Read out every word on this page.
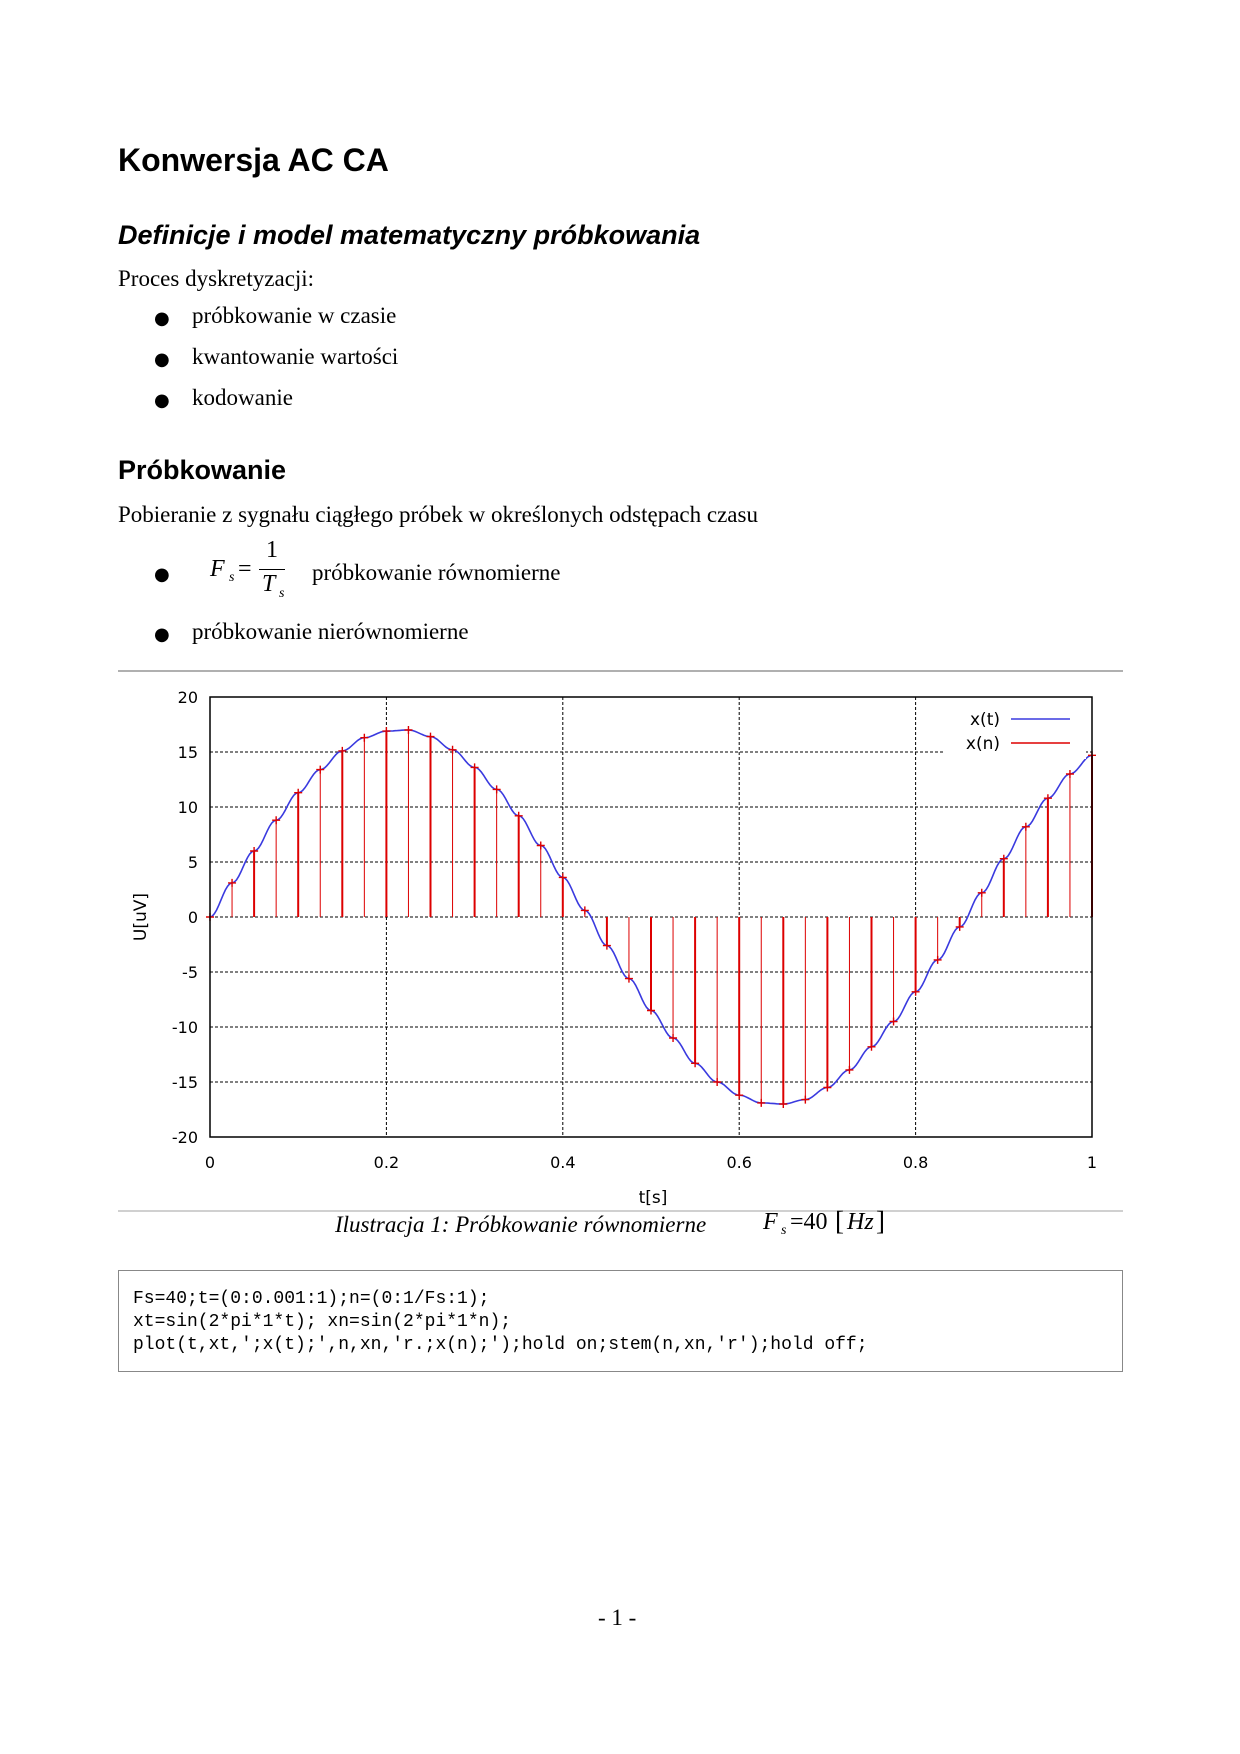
Konwersja AC CA
Definicje i model matematyczny próbkowania
Proces dyskretyzacji:
● próbkowanie w czasie
● kwantowanie wartości
● kodowanie
Próbkowanie
Pobieranie z sygnału ciągłego próbek w określonych odstępach czasu
● F s =
1
T s
próbkowanie równomierne
● próbkowanie nierównomierne
20
15
10
5
0
-5
-10
-15
-20
0	0.2	0.4	0.6	0.8	1
t[s]
U[uV]
x(t)
x(n)
Ilustracja 1: Próbkowanie równomierne F s =40 [ Hz ]
Fs=40;t=(0:0.001:1);n=(0:1/Fs:1);
xt=sin(2*pi*1*t); xn=sin(2*pi*1*n);
plot(t,xt,';x(t);',n,xn,'r.;x(n);');hold on;stem(n,xn,'r');hold off;
- 1 -
